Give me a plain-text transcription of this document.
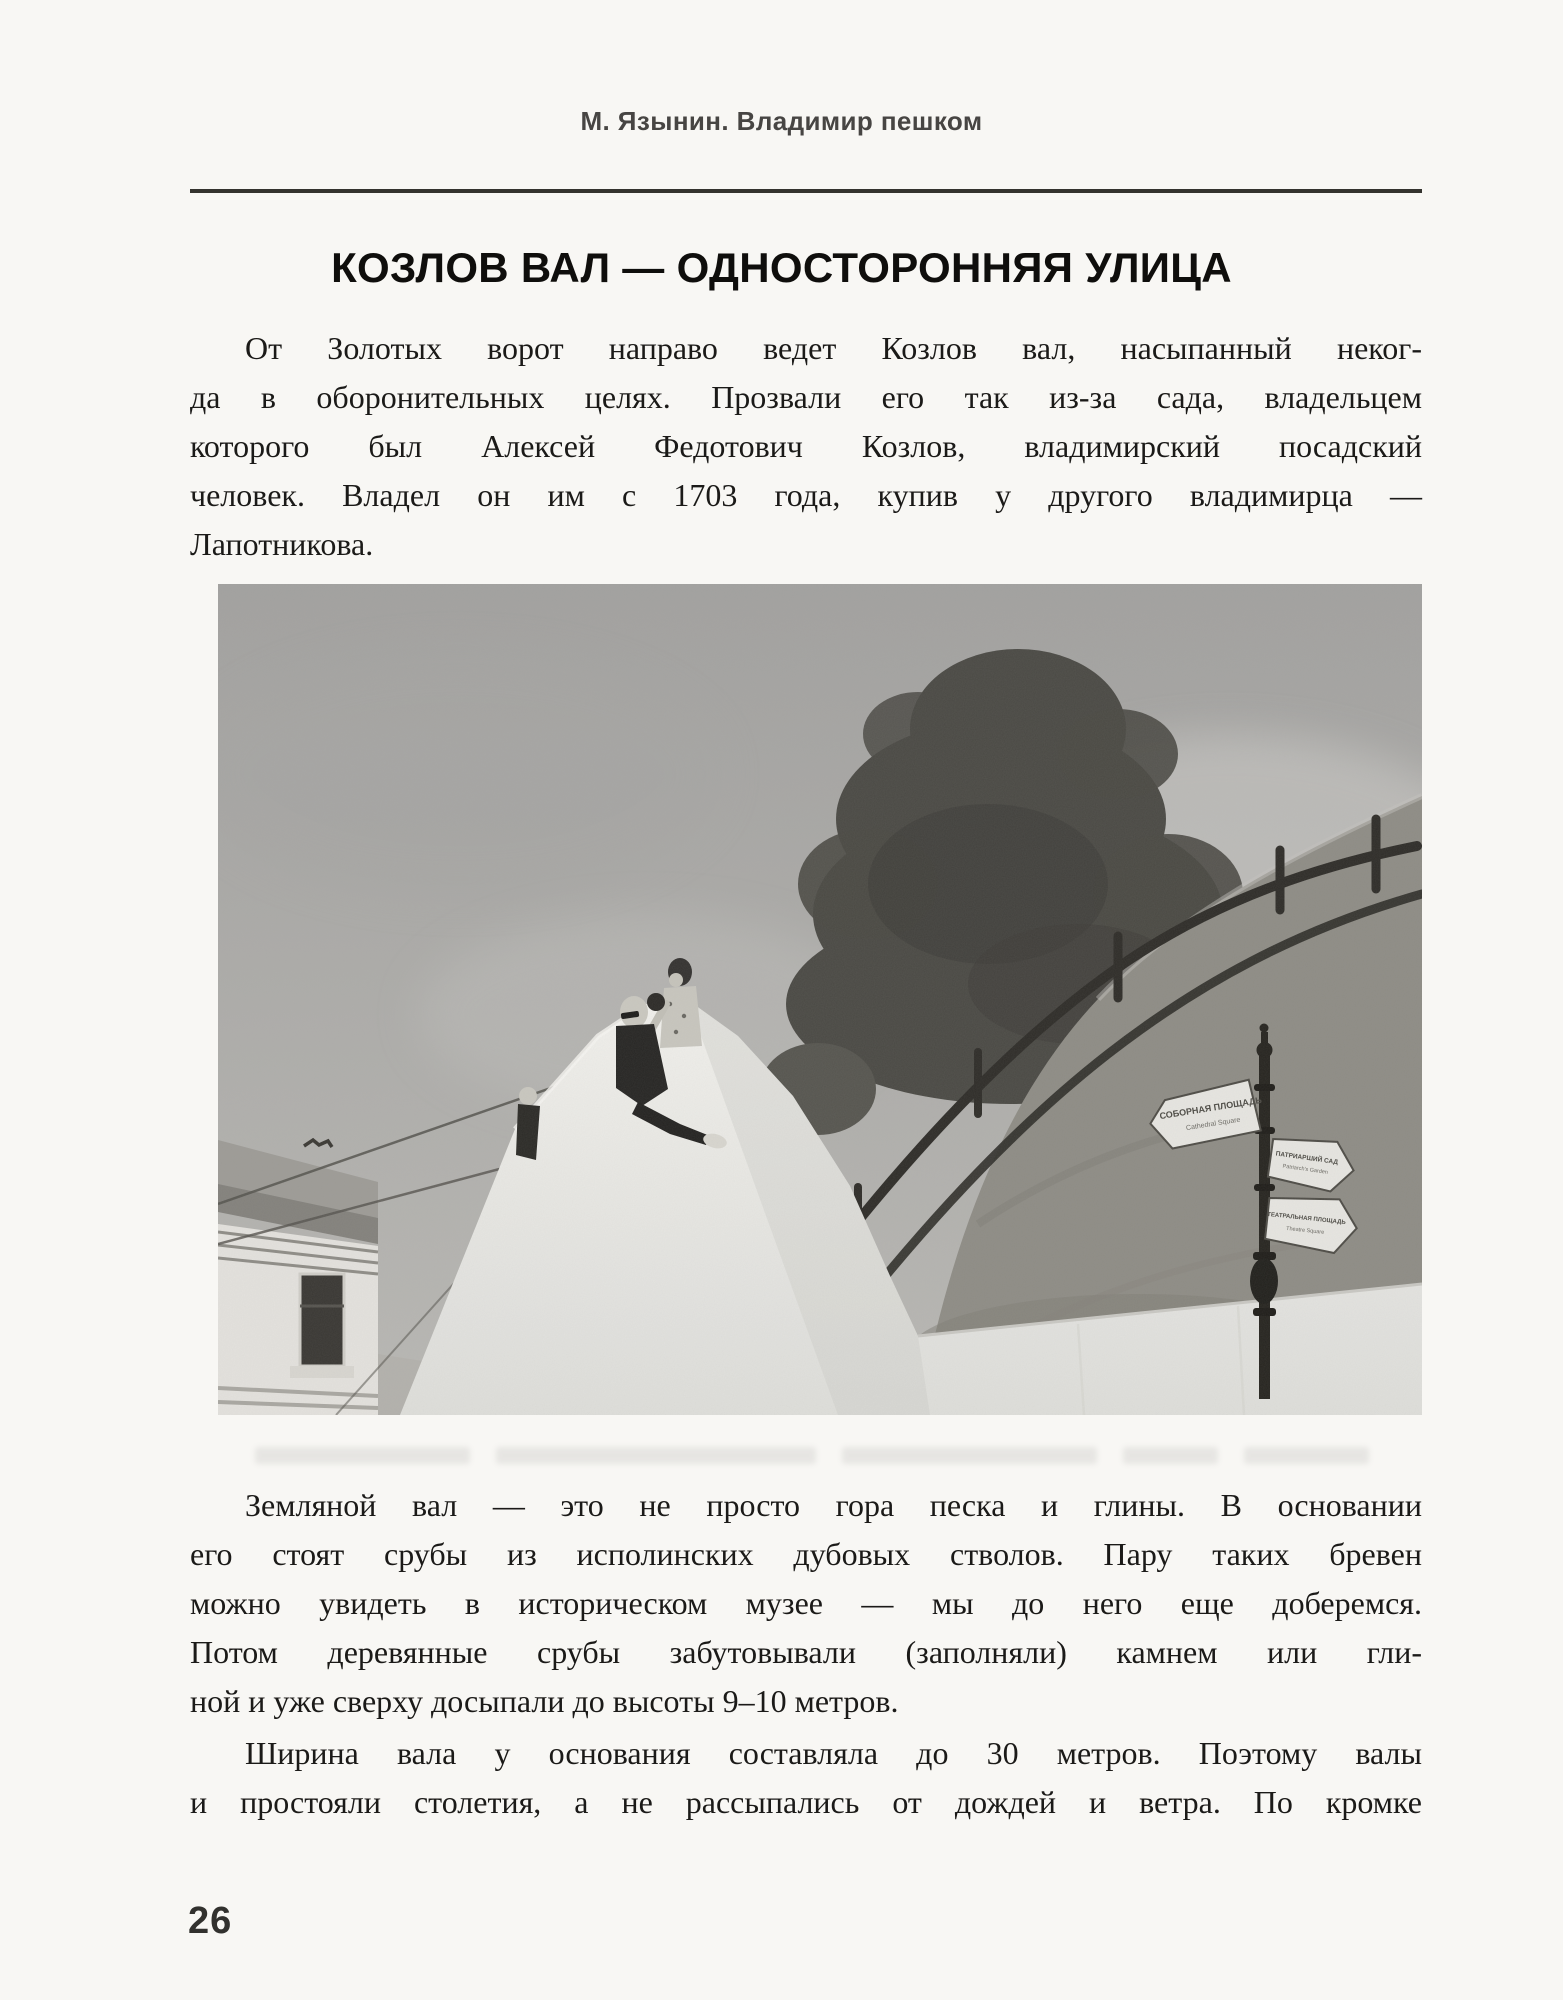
М. Язынин. Владимир пешком
КОЗЛОВ ВАЛ — ОДНОСТОРОННЯЯ УЛИЦА
От Золотых ворот направо ведет Козлов вал, насыпанный неког-
да в оборонительных целях. Прозвали его так из-за сада, владельцем
которого был Алексей Федотович Козлов, владимирский посадский
человек. Владел он им с 1703 года, купив у другого владимирца —
Лапотникова.
Земляной вал — это не просто гора песка и глины. В основании
его стоят срубы из исполинских дубовых стволов. Пару таких бревен
можно увидеть в историческом музее — мы до него еще доберемся.
Потом деревянные срубы забутовывали (заполняли) камнем или гли-
ной и уже сверху досыпали до высоты 9–10 метров.
Ширина вала у основания составляла до 30 метров. Поэтому валы
и простояли столетия, а не рассыпались от дождей и ветра. По кромке
26
